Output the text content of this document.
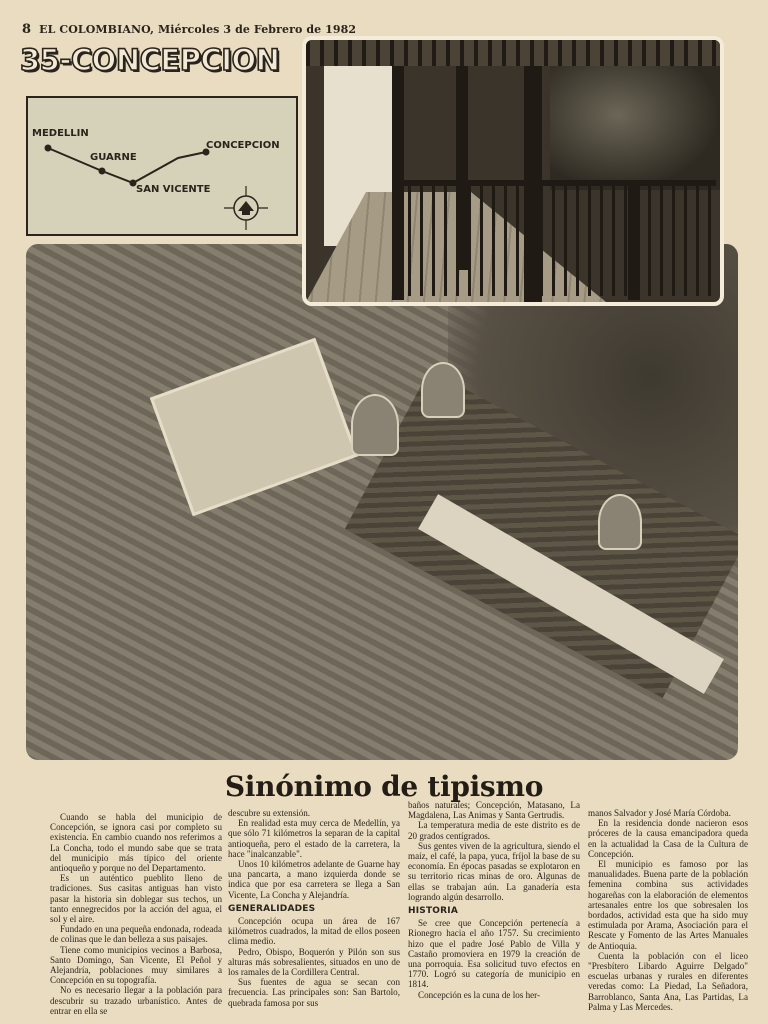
8 EL COLOMBIANO, Miércoles 3 de Febrero de 1982
35-CONCEPCION
MEDELLIN
GUARNE
SAN VICENTE
CONCEPCION
Sinónimo de tipismo

Cuando se habla del municipio de Concepción, se ignora casi por completo su existencia. En cambio cuando nos referimos a La Concha, todo el mundo sabe que se trata del municipio más típico del oriente antioqueño y porque no del Departamento.

Es un auténtico pueblito lleno de tradiciones. Sus casitas antiguas han visto pasar la historia sin doblegar sus techos, un tanto ennegrecidos por la acción del agua, el sol y el aire.

Fundado en una pequeña endonada, rodeada de colinas que le dan belleza a sus paisajes.

Tiene como municipios vecinos a Barbosa, Santo Domingo, San Vicente, El Peñol y Alejandría, poblaciones muy similares a Concepción en su topografía.

No es necesario llegar a la población para descubrir su trazado urbanístico. Antes de entrar en ella se

descubre su extensión.

En realidad esta muy cerca de Medellín, ya que sólo 71 kilómetros la separan de la capital antioqueña, pero el estado de la carretera, la hace "inalcanzable".

Unos 10 kilómetros adelante de Guarne hay una pancarta, a mano izquierda donde se indica que por esa carretera se llega a San Vicente, La Concha y Alejandría.

GENERALIDADES

Concepción ocupa un área de 167 kilómetros cuadrados, la mitad de ellos poseen clima medio.

Pedro, Obispo, Boquerón y Pilón son sus alturas más sobresalientes, situados en uno de los ramales de la Cordillera Central.

Sus fuentes de agua se secan con frecuencia. Las principales son: San Bartolo, quebrada famosa por sus

baños naturales; Concepción, Matasano, La Magdalena, Las Animas y Santa Gertrudis.

La temperatura media de este distrito es de 20 grados centígrados.

Sus gentes viven de la agricultura, siendo el maíz, el café, la papa, yuca, fríjol la base de su economía. En épocas pasadas se explotaron en su territorio ricas minas de oro. Algunas de ellas se trabajan aún. La ganadería esta logrando algún desarrollo.

HISTORIA

Se cree que Concepción pertenecía a Rionegro hacia el año 1757. Su crecimiento hizo que el padre José Pablo de Villa y Castaño promoviera en 1979 la creación de una porroquia. Esa solicitud tuvo efectos en 1770. Logró su categoría de municipio en 1814.

Concepción es la cuna de los her-

manos Salvador y José María Córdoba.

En la residencia donde nacieron esos próceres de la causa emancipadora queda en la actualidad la Casa de la Cultura de Concepción.

El municipio es famoso por las manualidades. Buena parte de la población femenina combina sus actividades hogareñas con la elaboración de elementos artesanales entre los que sobresalen los bordados, actividad esta que ha sido muy estimulada por Arama, Asociación para el Rescate y Fomento de las Artes Manuales de Antioquia.

Cuenta la población con el liceo "Presbítero Libardo Aguirre Delgado" escuelas urbanas y rurales en diferentes veredas como: La Piedad, La Señadora, Barroblanco, Santa Ana, Las Partidas, La Palma y Las Mercedes.
